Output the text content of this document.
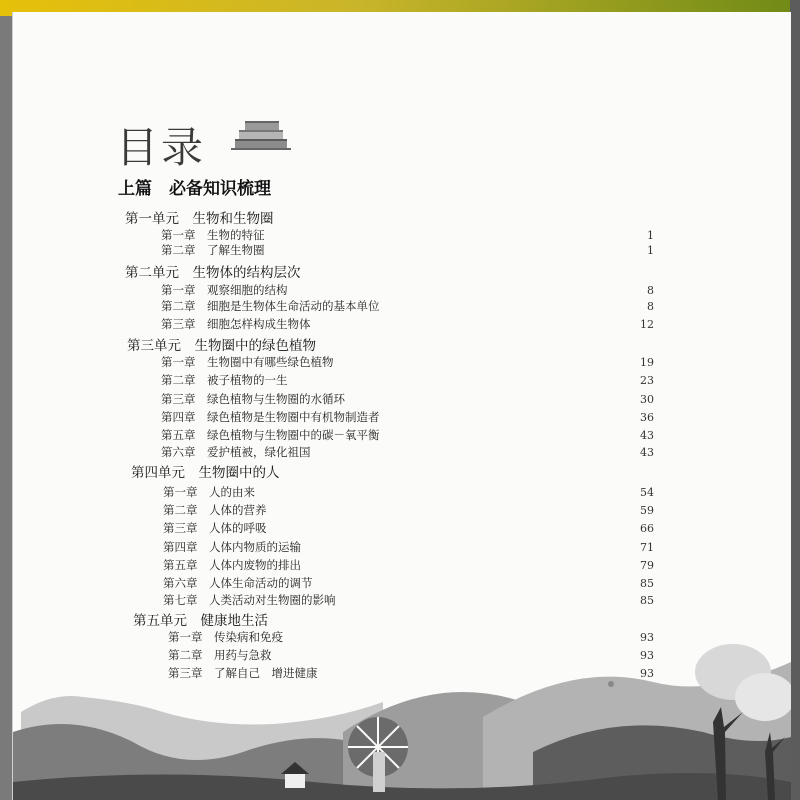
目录
上篇　必备知识梳理
第一单元　生物和生物圈
第一章　生物的特征	1
第二章　了解生物圈	1
第二单元　生物体的结构层次
第一章　观察细胞的结构	8
第二章　细胞是生物体生命活动的基本单位	8
第三章　细胞怎样构成生物体	12
第三单元　生物圈中的绿色植物
第一章　生物圈中有哪些绿色植物	19
第二章　被子植物的一生	23
第三章　绿色植物与生物圈的水循环	30
第四章　绿色植物是生物圈中有机物制造者	36
第五章　绿色植物与生物圈中的碳－氧平衡	43
第六章　爱护植被，绿化祖国	43
第四单元　生物圈中的人
第一章　人的由来	54
第二章　人体的营养	59
第三章　人体的呼吸	66
第四章　人体内物质的运输	71
第五章　人体内废物的排出	79
第六章　人体生命活动的调节	85
第七章　人类活动对生物圈的影响	85
第五单元　健康地生活
第一章　传染病和免疫	93
第二章　用药与急救	93
第三章　了解自己　增进健康	93
